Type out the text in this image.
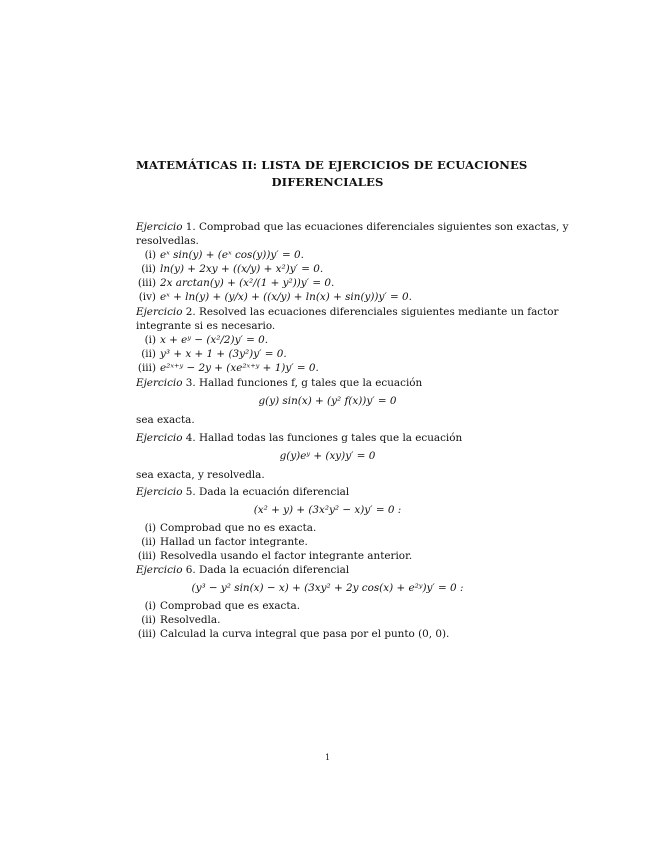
MATEMÁTICAS II: LISTA DE EJERCICIOS DE ECUACIONES
DIFERENCIALES
Ejercicio 1. Comprobad que las ecuaciones diferenciales siguientes son exactas, y
resolvedlas.
(i) eˣ sin(y) + (eˣ cos(y))y′ = 0.
(ii) ln(y) + 2xy + ((x/y) + x²)y′ = 0.
(iii) 2x arctan(y) + (x²/(1 + y²))y′ = 0.
(iv) eˣ + ln(y) + (y/x) + ((x/y) + ln(x) + sin(y))y′ = 0.
Ejercicio 2. Resolved las ecuaciones diferenciales siguientes mediante un factor
integrante si es necesario.
(i) x + eʸ − (x²/2)y′ = 0.
(ii) y³ + x + 1 + (3y²)y′ = 0.
(iii) e²ˣ⁺ʸ − 2y + (xe²ˣ⁺ʸ + 1)y′ = 0.
Ejercicio 3. Hallad funciones f, g tales que la ecuación
g(y) sin(x) + (y² f(x))y′ = 0
sea exacta.
Ejercicio 4. Hallad todas las funciones g tales que la ecuación
g(y)eʸ + (xy)y′ = 0
sea exacta, y resolvedla.
Ejercicio 5. Dada la ecuación diferencial
(x² + y) + (3x²y² − x)y′ = 0 :
(i) Comprobad que no es exacta.
(ii) Hallad un factor integrante.
(iii) Resolvedla usando el factor integrante anterior.
Ejercicio 6. Dada la ecuación diferencial
(y³ − y² sin(x) − x) + (3xy² + 2y cos(x) + e²ʸ)y′ = 0 :
(i) Comprobad que es exacta.
(ii) Resolvedla.
(iii) Calculad la curva integral que pasa por el punto (0, 0).
1
